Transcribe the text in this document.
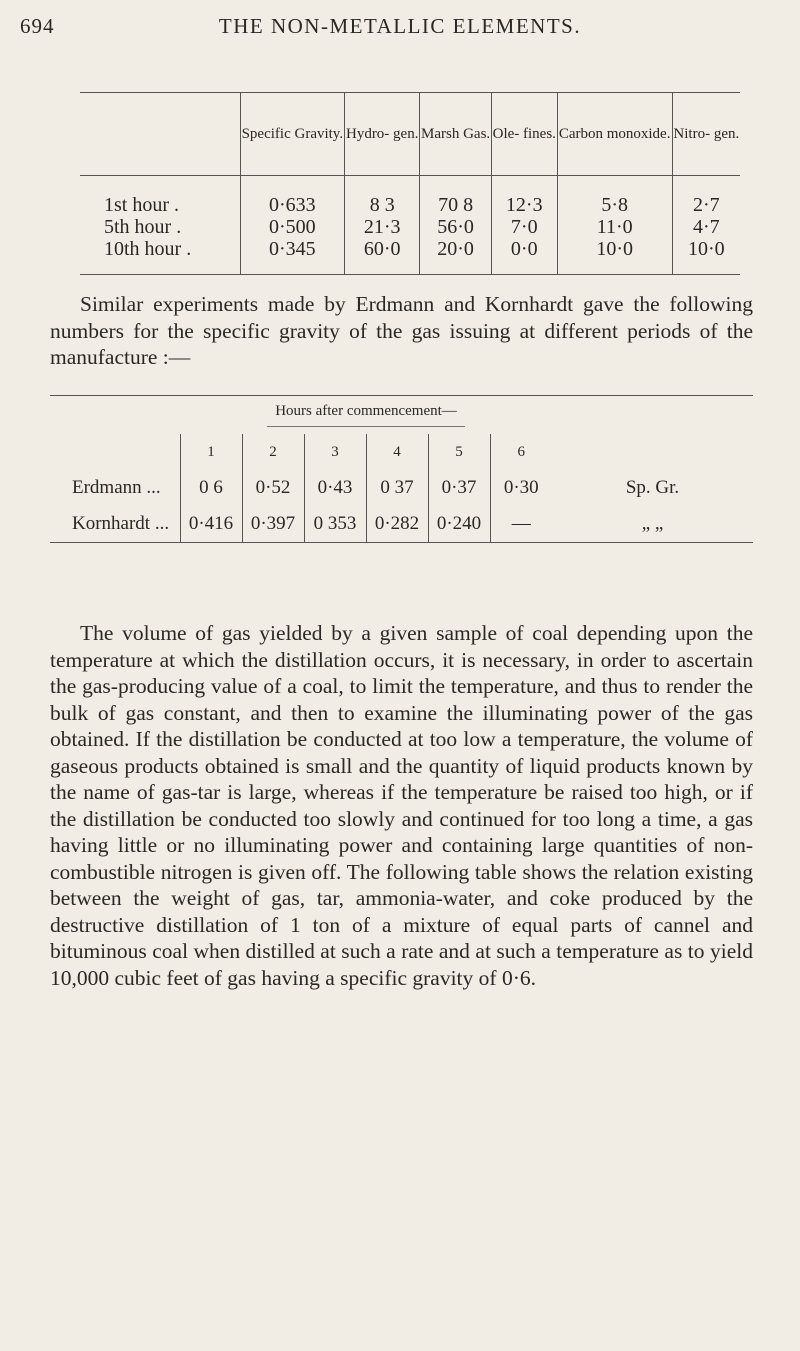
694	THE NON-METALLIC ELEMENTS.
	Specific Gravity.	Hydro- gen.	Marsh Gas.	Ole- fines.	Carbon monoxide.	Nitro- gen.
1st hour .	0·633	8 3	70 8	12·3	5·8	2·7
5th hour .	0·500	21·3	56·0	7·0	11·0	4·7
10th hour .	0·345	60·0	20·0	0·0	10·0	10·0

Similar experiments made by Erdmann and Kornhardt gave the following numbers for the specific gravity of the gas issuing at different periods of the manufacture :—

	Hours after commencement—						
	1	2	3	4	5	6	
Erdmann ...	0 6	0·52	0·43	0 37	0·37	0·30	Sp. Gr.
Kornhardt ...	0·416	0·397	0 353	0·282	0·240	—	„ „

The volume of gas yielded by a given sample of coal depending upon the temperature at which the distillation occurs, it is necessary, in order to ascertain the gas-producing value of a coal, to limit the temperature, and thus to render the bulk of gas constant, and then to examine the illuminating power of the gas obtained. If the distillation be conducted at too low a temperature, the volume of gaseous products obtained is small and the quantity of liquid products known by the name of gas-tar is large, whereas if the temperature be raised too high, or if the distillation be conducted too slowly and continued for too long a time, a gas having little or no illuminating power and containing large quantities of non-combustible nitrogen is given off. The following table shows the relation existing between the weight of gas, tar, ammonia-water, and coke produced by the destructive distillation of 1 ton of a mixture of equal parts of cannel and bituminous coal when distilled at such a rate and at such a temperature as to yield 10,000 cubic feet of gas having a specific gravity of 0·6.
